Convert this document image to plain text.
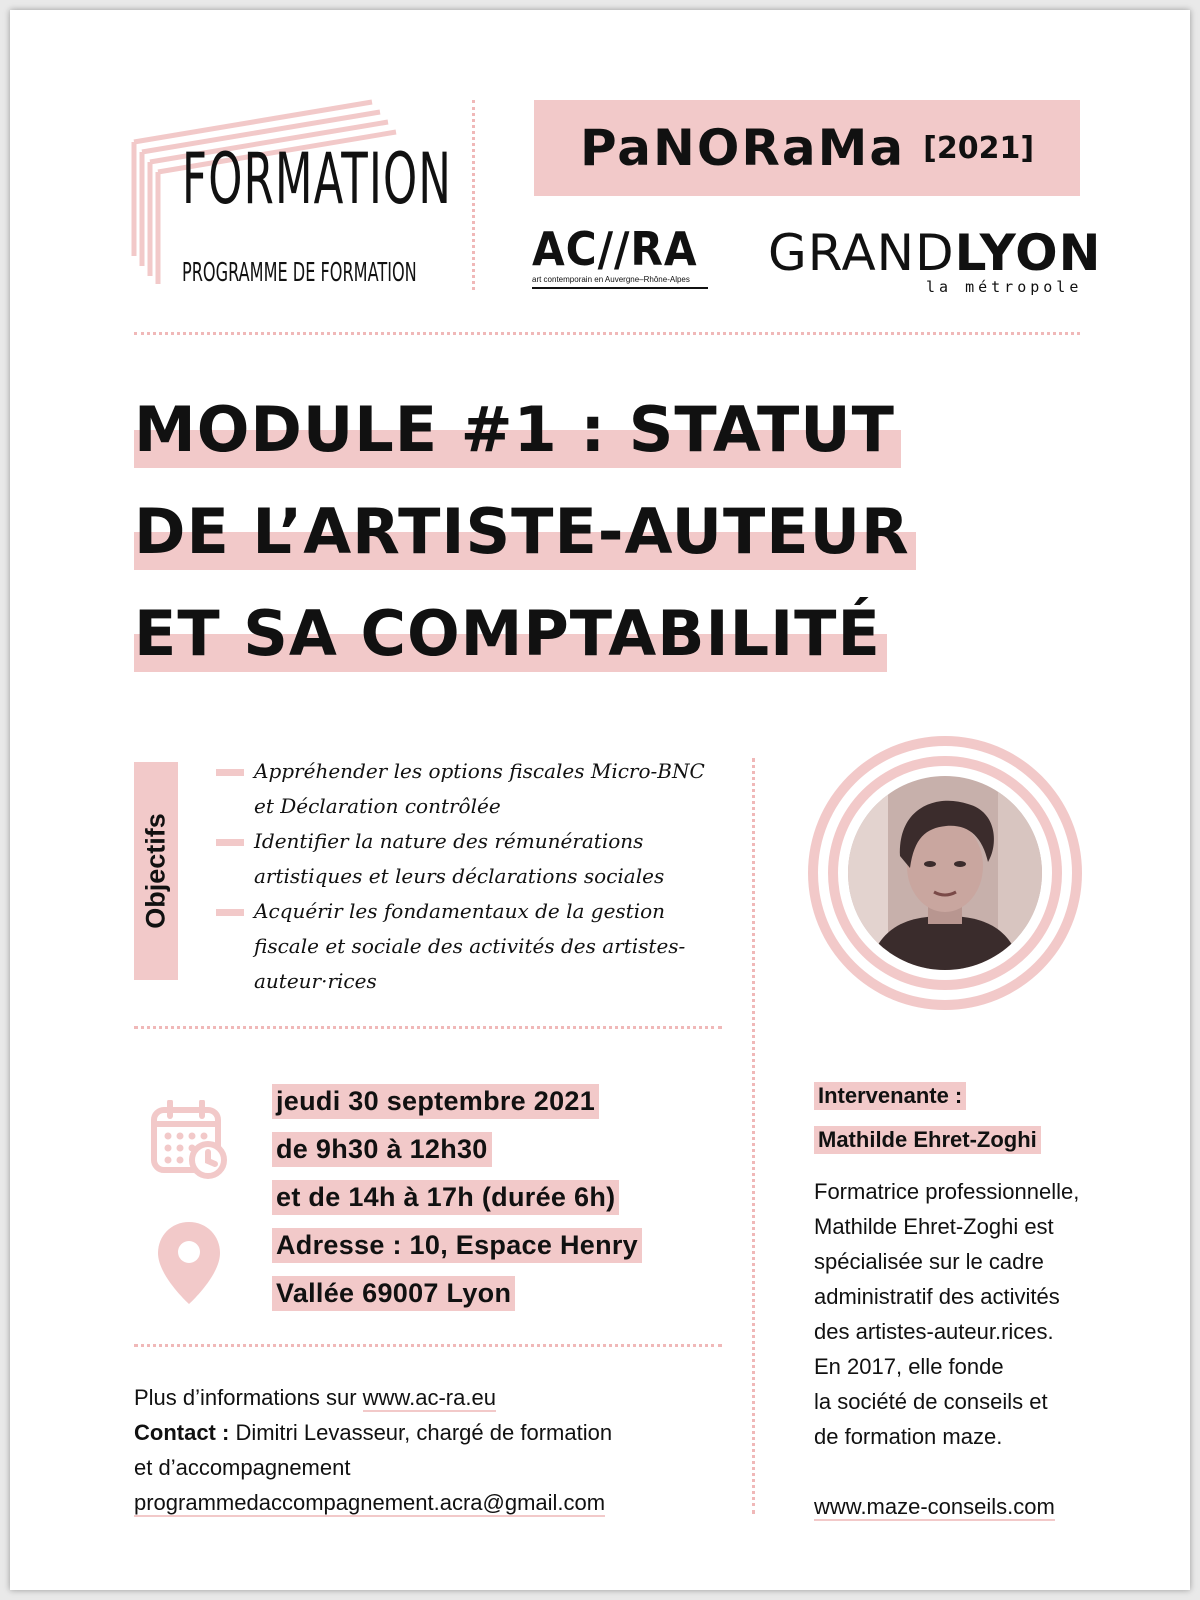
FORMATION
PROGRAMME DE FORMATION
PaNORaMa [2021]
AC//RA
art contemporain en Auvergne–Rhône-Alpes	GRANDLYON
la métropole
MODULE #1 : STATUT
DE L’ARTISTE-AUTEUR
ET SA COMPTABILITÉ
Objectifs
Appréhender les options fiscales Micro-BNC et Déclaration contrôlée
Identifier la nature des rémunérations artistiques et leurs déclarations sociales
Acquérir les fondamentaux de la gestion fiscale et sociale des activités des artistes-auteur·rices
jeudi 30 septembre 2021
de 9h30 à 12h30
et de 14h à 17h (durée 6h)
Adresse : 10, Espace Henry
Vallée 69007 Lyon
Intervenante :
Mathilde Ehret-Zoghi
Formatrice professionnelle,
Mathilde Ehret-Zoghi est
spécialisée sur le cadre
administratif des activités
des artistes-auteur.rices.
En 2017, elle fonde
la société de conseils et
de formation maze.
www.maze-conseils.com
Plus d’informations sur www.ac-ra.eu
Contact : Dimitri Levasseur, chargé de formation
et d’accompagnement
programmedaccompagnement.acra@gmail.com
